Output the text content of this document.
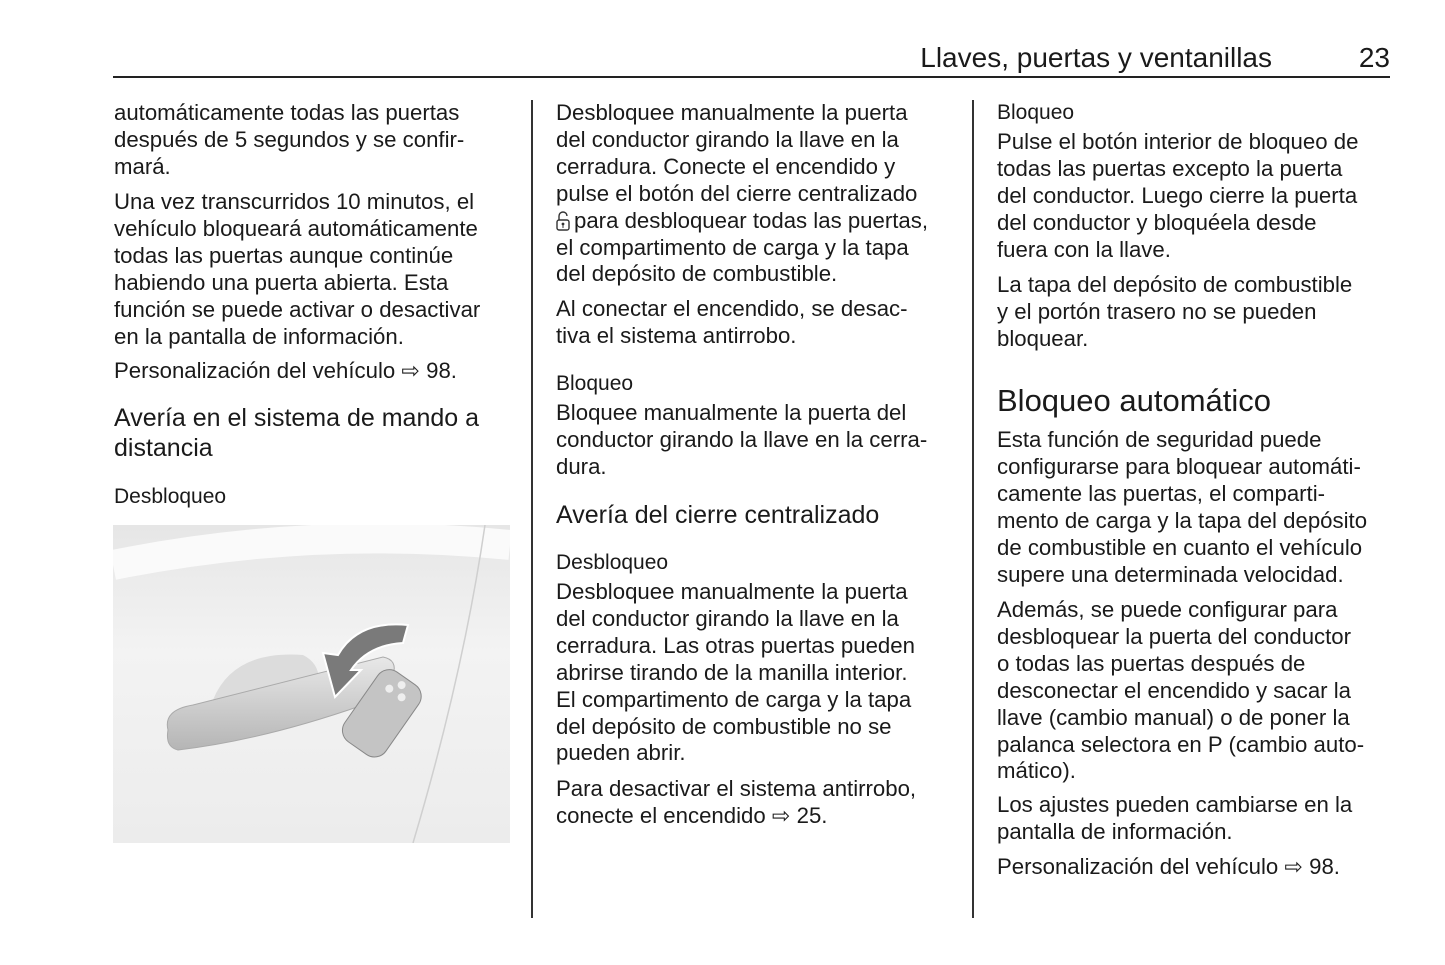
Llaves, puertas y ventanillas	23
automáticamente todas las puertas
después de 5 segundos y se confir-
mará.
Una vez transcurridos 10 minutos, el
vehículo bloqueará automáticamente
todas las puertas aunque continúe
habiendo una puerta abierta. Esta
función se puede activar o desactivar
en la pantalla de información.
Personalización del vehículo ⇨ 98.
Avería en el sistema de mando a
distancia
Desbloqueo
Desbloquee manualmente la puerta
del conductor girando la llave en la
cerradura. Conecte el encendido y
pulse el botón del cierre centralizado
para desbloquear todas las puertas,
el compartimento de carga y la tapa
del depósito de combustible.
Al conectar el encendido, se desac-
tiva el sistema antirrobo.
Bloqueo
Bloquee manualmente la puerta del
conductor girando la llave en la cerra-
dura.
Avería del cierre centralizado
Desbloqueo
Desbloquee manualmente la puerta
del conductor girando la llave en la
cerradura. Las otras puertas pueden
abrirse tirando de la manilla interior.
El compartimento de carga y la tapa
del depósito de combustible no se
pueden abrir.
Para desactivar el sistema antirrobo,
conecte el encendido ⇨ 25.
Bloqueo
Pulse el botón interior de bloqueo de
todas las puertas excepto la puerta
del conductor. Luego cierre la puerta
del conductor y bloquéela desde
fuera con la llave.
La tapa del depósito de combustible
y el portón trasero no se pueden
bloquear.
Bloqueo automático
Esta función de seguridad puede
configurarse para bloquear automáti-
camente las puertas, el comparti-
mento de carga y la tapa del depósito
de combustible en cuanto el vehículo
supere una determinada velocidad.
Además, se puede configurar para
desbloquear la puerta del conductor
o todas las puertas después de
desconectar el encendido y sacar la
llave (cambio manual) o de poner la
palanca selectora en P (cambio auto-
mático).
Los ajustes pueden cambiarse en la
pantalla de información.
Personalización del vehículo ⇨ 98.
